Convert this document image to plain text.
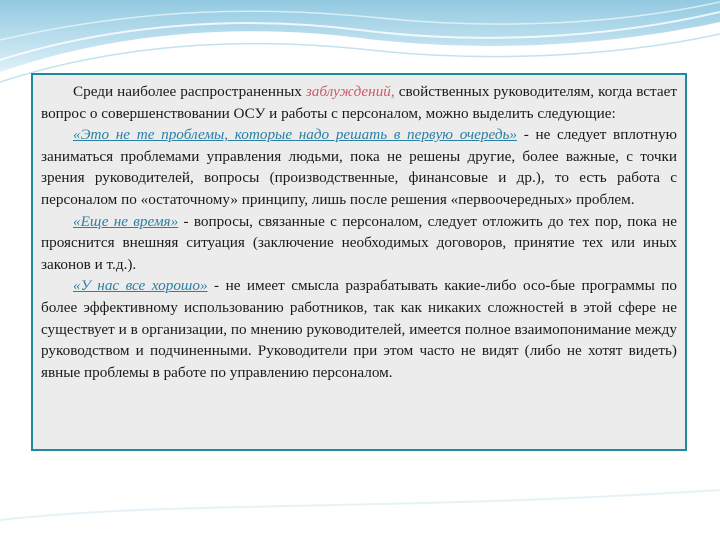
Среди наиболее распространенных заблуждений, свойственных руководителям, когда встает вопрос о совершенствовании ОСУ и работы с персоналом, можно выделить следующие:

«Это не те проблемы, которые надо решать в первую очередь» - не следует вплотную заниматься проблемами управления людьми, пока не решены другие, более важные, с точки зрения руководителей, вопросы (производственные, финансовые и др.), то есть работа с персоналом по «остаточному» принципу, лишь после решения «первоочередных» проблем.

«Еще не время» - вопросы, связанные с персоналом, следует отложить до тех пор, пока не прояснится внешняя ситуация (заключение необходимых договоров, принятие тех или иных законов и т.д.).

«У нас все хорошо» - не имеет смысла разрабатывать какие-либо осо-бые программы по более эффективному использованию работников, так как никаких сложностей в этой сфере не существует и в организации, по мнению руководителей, имеется полное взаимопонимание между руководством и подчиненными. Руководители при этом часто не видят (либо не хотят видеть) явные проблемы в работе по управлению персоналом.
